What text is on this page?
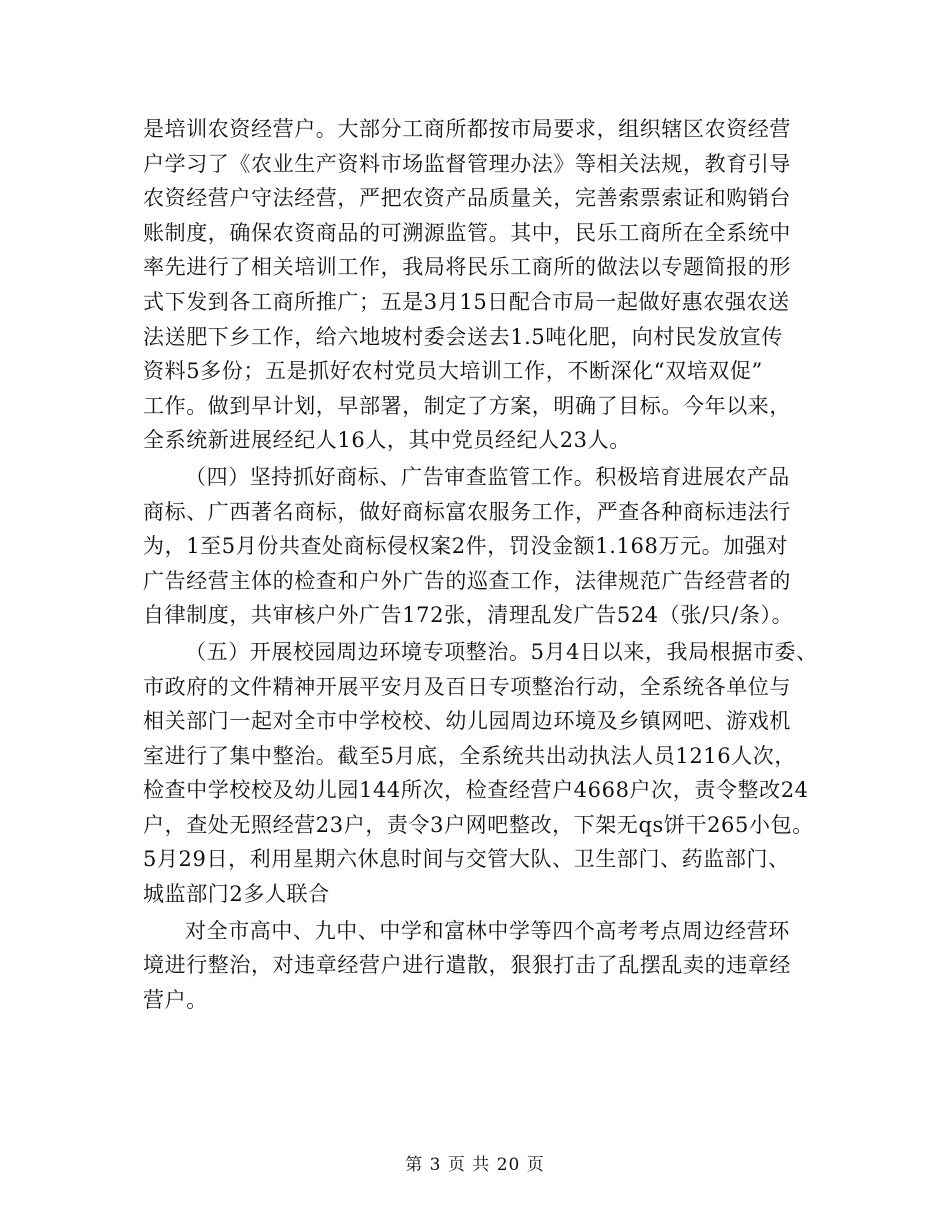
是培训农资经营户。大部分工商所都按市局要求，组织辖区农资经营
户学习了《农业生产资料市场监督管理办法》等相关法规，教育引导
农资经营户守法经营，严把农资产品质量关，完善索票索证和购销台
账制度，确保农资商品的可溯源监管。其中，民乐工商所在全系统中
率先进行了相关培训工作，我局将民乐工商所的做法以专题简报的形
式下发到各工商所推广；五是3月15日配合市局一起做好惠农强农送
法送肥下乡工作，给六地坡村委会送去1.5吨化肥，向村民发放宣传
资料5多份；五是抓好农村党员大培训工作，不断深化“双培双促”
工作。做到早计划，早部署，制定了方案，明确了目标。今年以来，
全系统新进展经纪人16人，其中党员经纪人23人。
（四）坚持抓好商标、广告审查监管工作。积极培育进展农产品
商标、广西著名商标，做好商标富农服务工作，严查各种商标违法行
为，1至5月份共查处商标侵权案2件，罚没金额1.168万元。加强对
广告经营主体的检查和户外广告的巡查工作，法律规范广告经营者的
自律制度，共审核户外广告172张，清理乱发广告524（张/只/条）。
（五）开展校园周边环境专项整治。5月4日以来，我局根据市委、
市政府的文件精神开展平安月及百日专项整治行动，全系统各单位与
相关部门一起对全市中学校校、幼儿园周边环境及乡镇网吧、游戏机
室进行了集中整治。截至5月底，全系统共出动执法人员1216人次，
检查中学校校及幼儿园144所次，检查经营户4668户次，责令整改24
户，查处无照经营23户，责令3户网吧整改，下架无qs饼干265小包。
5月29日，利用星期六休息时间与交管大队、卫生部门、药监部门、
城监部门2多人联合
对全市高中、九中、中学和富林中学等四个高考考点周边经营环
境进行整治，对违章经营户进行遣散，狠狠打击了乱摆乱卖的违章经
营户。
第 3 页 共 20 页
